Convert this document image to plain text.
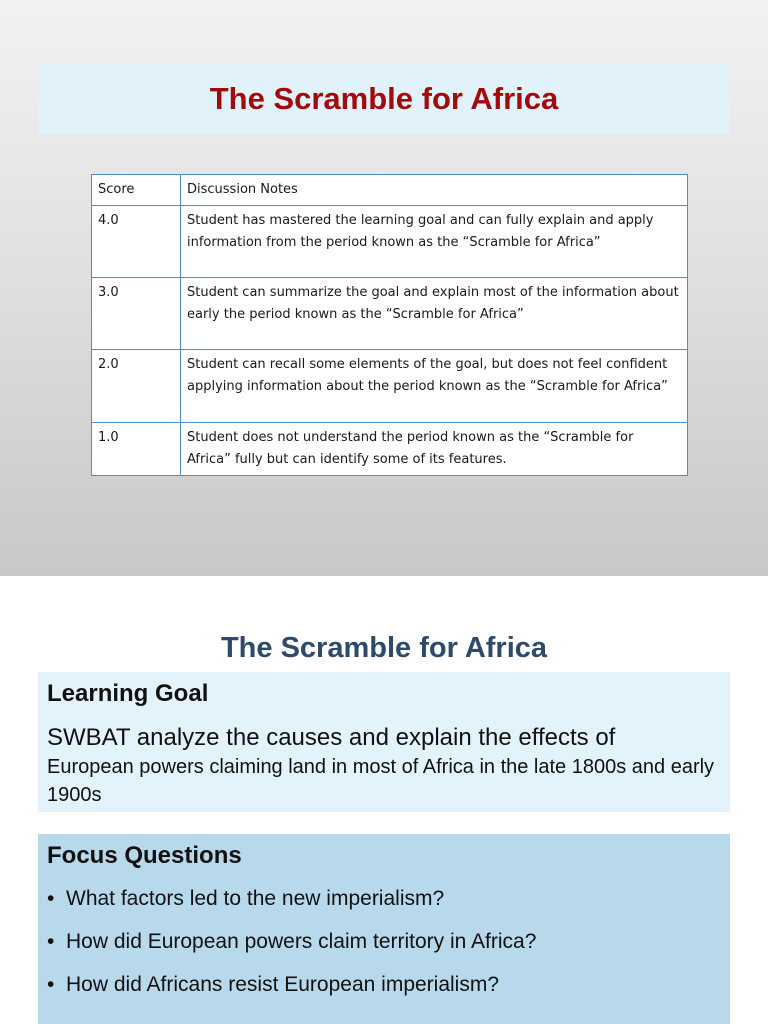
The Scramble for Africa
Score	Discussion Notes
4.0	Student has mastered the learning goal and can fully explain and apply information from the period known as the “Scramble for Africa”
3.0	Student can summarize the goal and explain most of the information about early the period known as the “Scramble for Africa”
2.0	Student can recall some elements of the goal, but does not feel confident applying information about the period known as the “Scramble for Africa”
1.0	Student does not understand the period known as the “Scramble for Africa” fully but can identify some of its features.
The Scramble for Africa

Learning Goal

SWBAT analyze the causes and explain the effects of
European powers claiming land in most of Africa in the late 1800s and early 1900s

Focus Questions

• What factors led to the new imperialism?
• How did European powers claim territory in Africa?
• How did Africans resist European imperialism?
